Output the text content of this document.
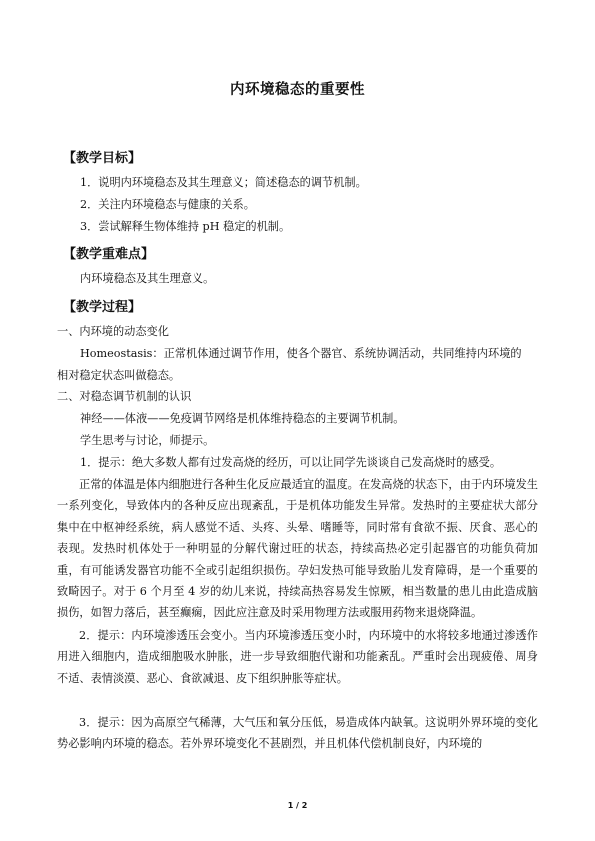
内环境稳态的重要性
【教学目标】
1．说明内环境稳态及其生理意义；简述稳态的调节机制。
2．关注内环境稳态与健康的关系。
3．尝试解释生物体维持 pH 稳定的机制。
【教学重难点】
内环境稳态及其生理意义。
【教学过程】
一、内环境的动态变化
Homeostasis：正常机体通过调节作用，使各个器官、系统协调活动，共同维持内环境的
相对稳定状态叫做稳态。
二、对稳态调节机制的认识
神经——体液——免疫调节网络是机体维持稳态的主要调节机制。
学生思考与讨论，师提示。
1．提示：绝大多数人都有过发高烧的经历，可以让同学先谈谈自己发高烧时的感受。
正常的体温是体内细胞进行各种生化反应最适宜的温度。在发高烧的状态下，由于内环境发生一系列变化，导致体内的各种反应出现紊乱，于是机体功能发生异常。发热时的主要症状大部分集中在中枢神经系统，病人感觉不适、头疼、头晕、嗜睡等，同时常有食欲不振、厌食、恶心的表现。发热时机体处于一种明显的分解代谢过旺的状态，持续高热必定引起器官的功能负荷加重，有可能诱发器官功能不全或引起组织损伤。孕妇发热可能导致胎儿发育障碍，是一个重要的致畸因子。对于 6 个月至 4 岁的幼儿来说，持续高热容易发生惊厥，相当数量的患儿由此造成脑损伤，如智力落后，甚至癫痫，因此应注意及时采用物理方法或服用药物来退烧降温。
2．提示：内环境渗透压会变小。当内环境渗透压变小时，内环境中的水将较多地通过渗透作用进入细胞内，造成细胞吸水肿胀，进一步导致细胞代谢和功能紊乱。严重时会出现疲倦、周身不适、表情淡漠、恶心、食欲减退、皮下组织肿胀等症状。
3．提示：因为高原空气稀薄，大气压和氧分压低，易造成体内缺氧。这说明外界环境的变化势必影响内环境的稳态。若外界环境变化不甚剧烈，并且机体代偿机制良好，内环境的
1 / 2
